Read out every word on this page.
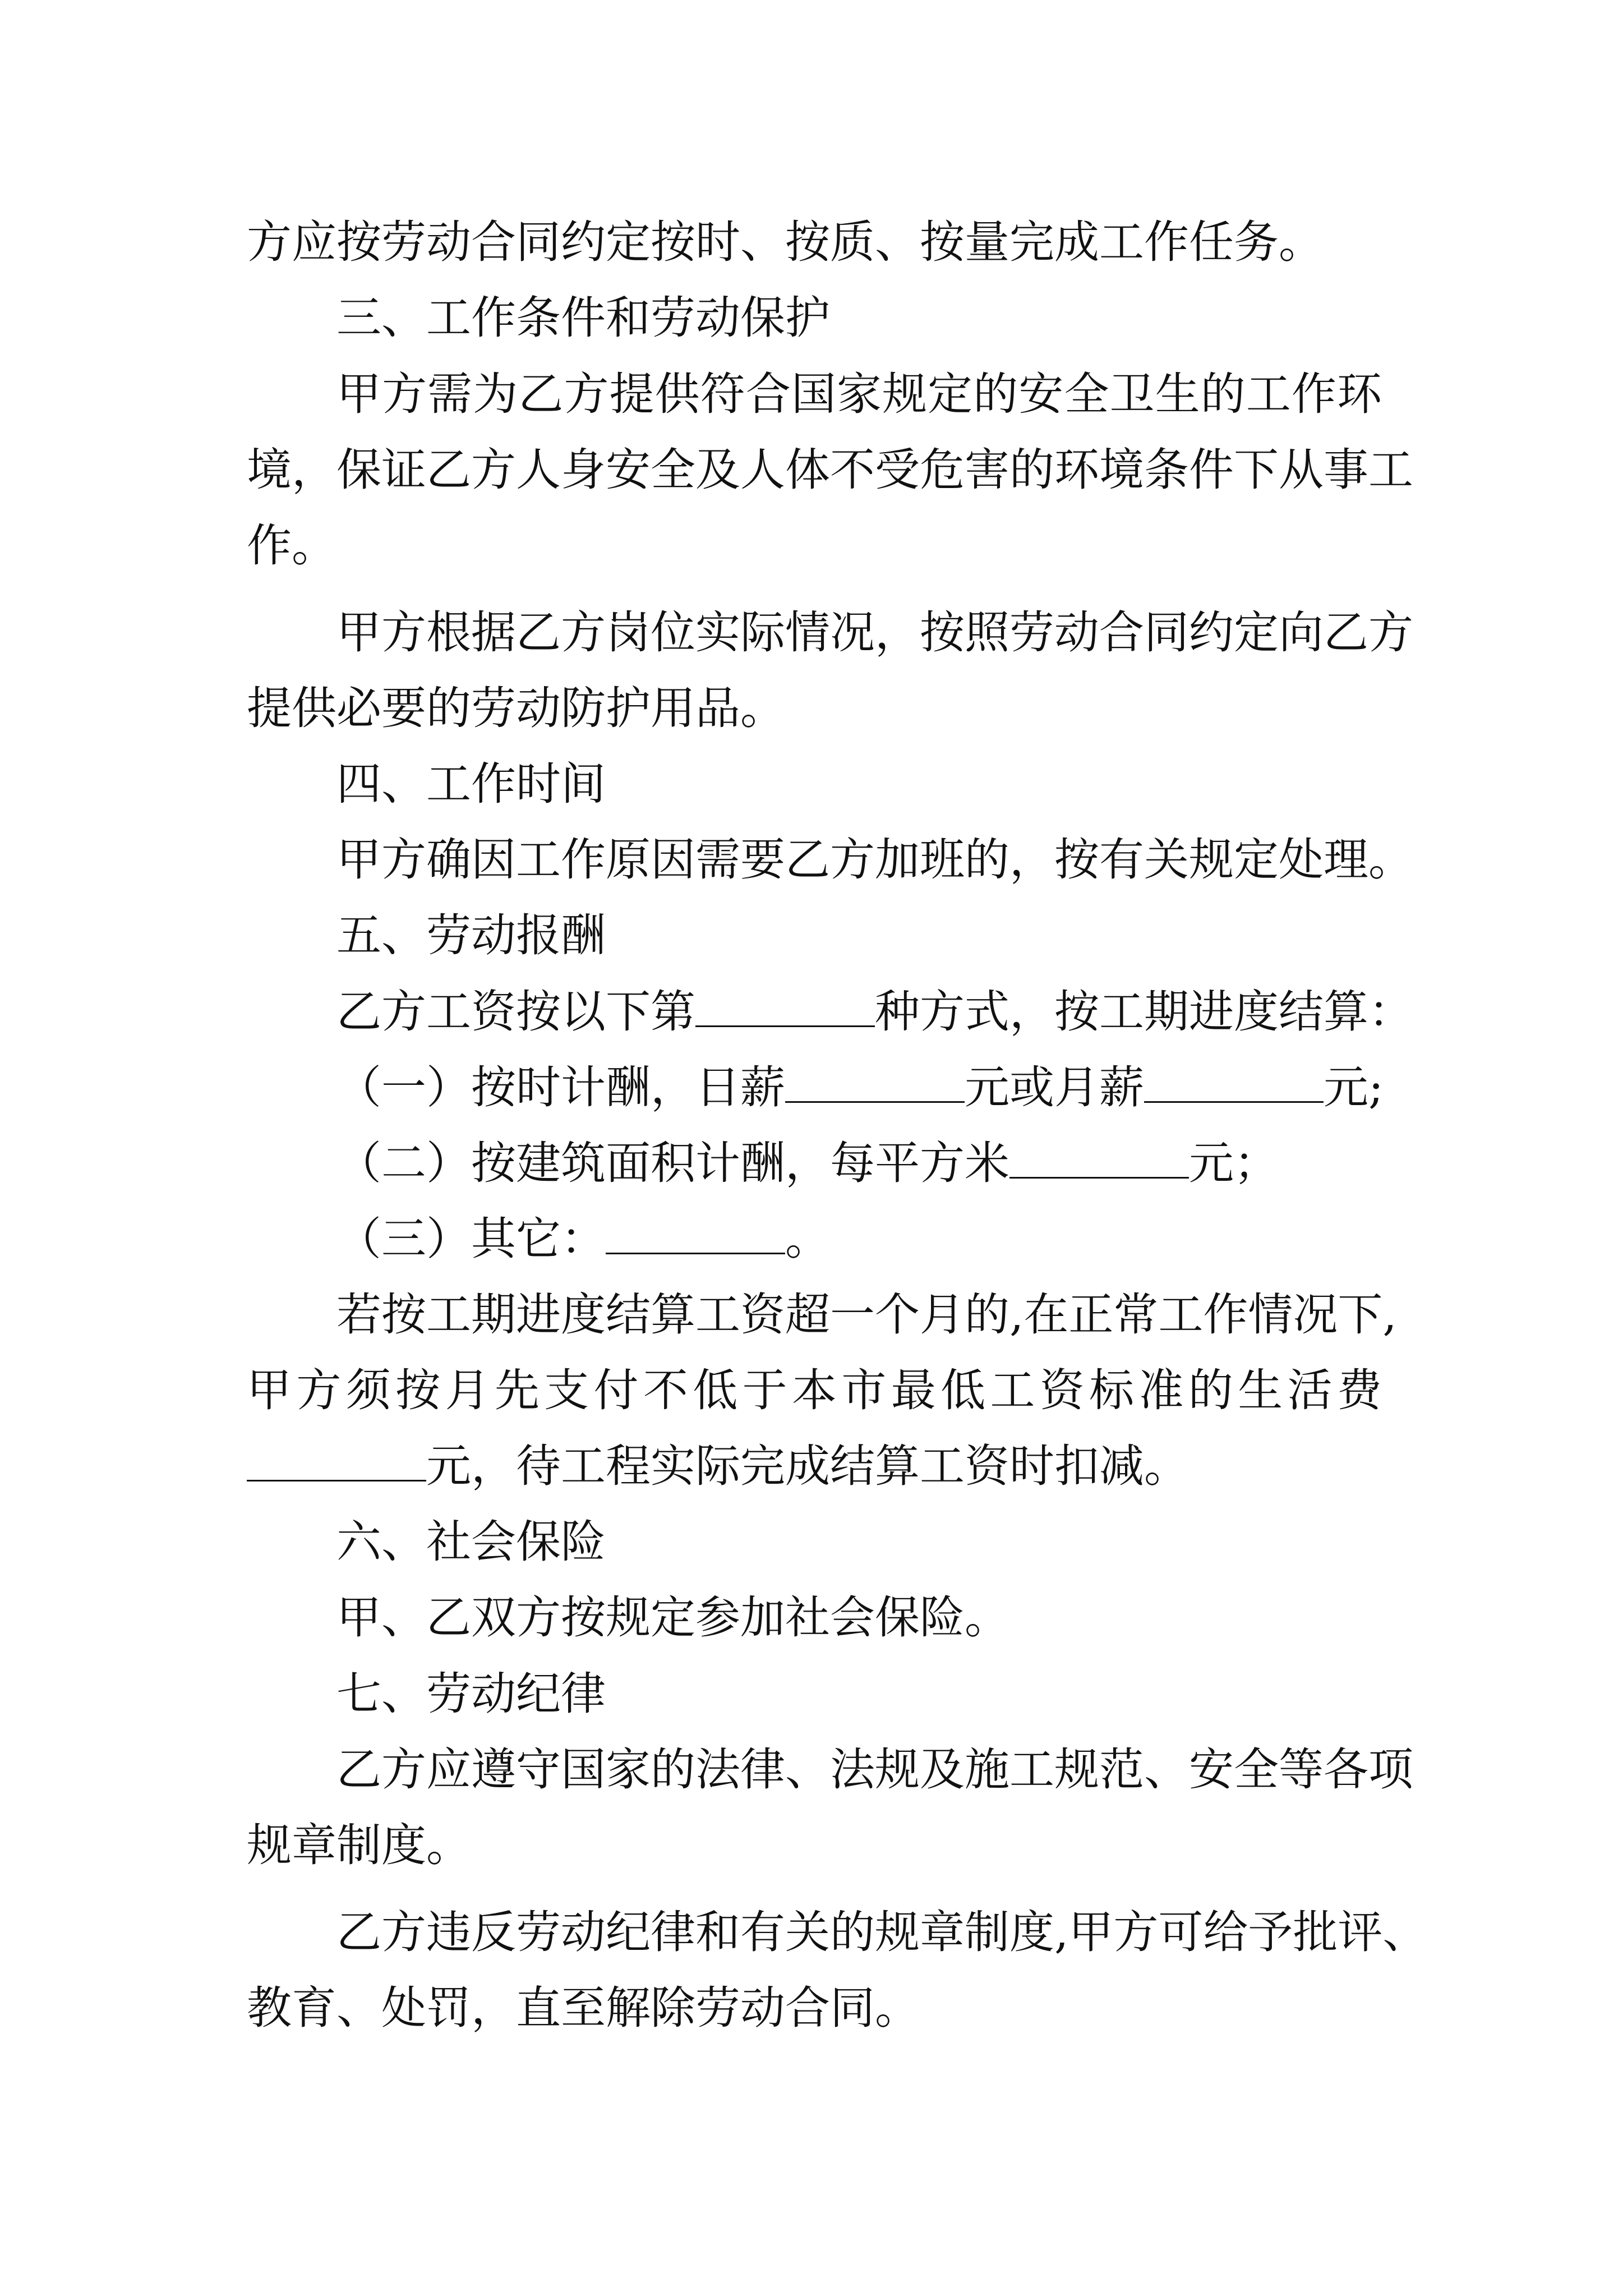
方应按劳动合同约定按时、按质、按量完成工作任务。
三、工作条件和劳动保护
甲方需为乙方提供符合国家规定的安全卫生的工作环
境，保证乙方人身安全及人体不受危害的环境条件下从事工
作。
甲方根据乙方岗位实际情况，按照劳动合同约定向乙方
提供必要的劳动防护用品。
四、工作时间
甲方确因工作原因需要乙方加班的，按有关规定处理。
五、劳动报酬
乙方工资按以下第	种方式，按工期进度结算：
（一）按时计酬，日薪	元或月薪	元;
（二）按建筑面积计酬，每平方米	元；
（三）其它：	。
若按工期进度结算工资超一个月的,在正常工作情况下,
甲方须按月先支付不低于本市最低工资标准的生活费
元，待工程实际完成结算工资时扣减。
六、社会保险
甲、乙双方按规定参加社会保险。
七、劳动纪律
乙方应遵守国家的法律、法规及施工规范、安全等各项
规章制度。
乙方违反劳动纪律和有关的规章制度,甲方可给予批评、
教育、处罚，直至解除劳动合同。
